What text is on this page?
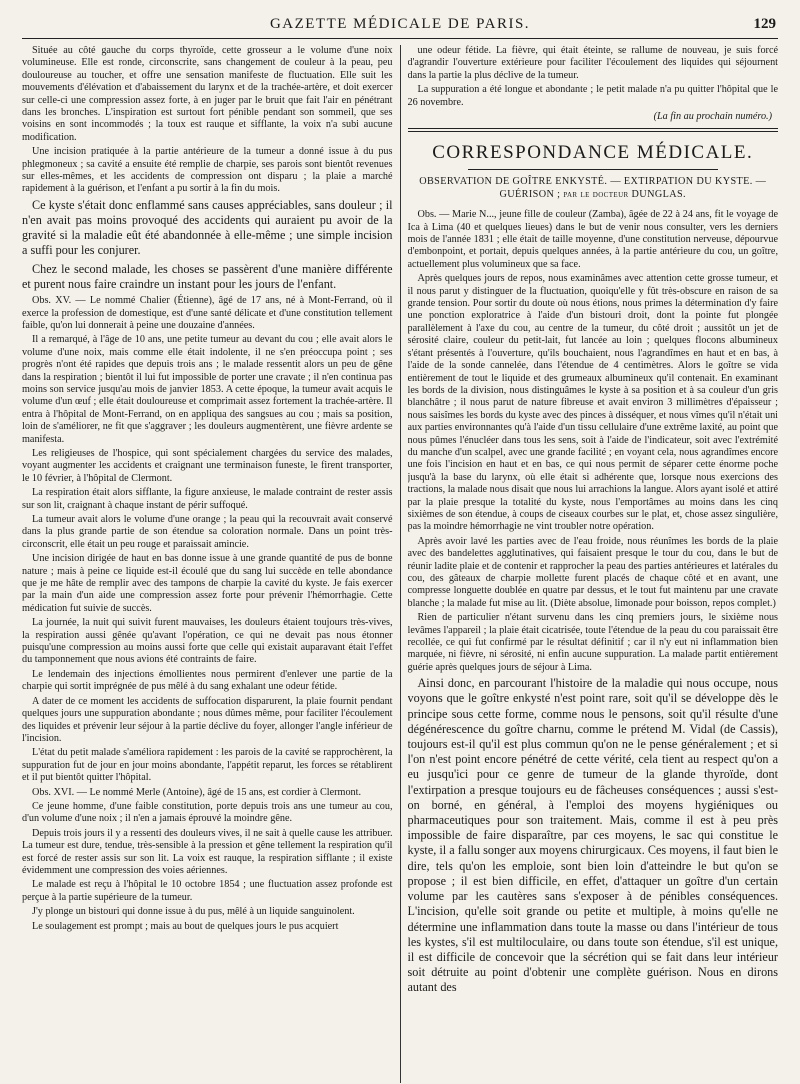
GAZETTE MÉDICALE DE PARIS.	129

Située au côté gauche du corps thyroïde, cette grosseur a le volume d'une noix volumineuse. Elle est ronde, circonscrite, sans changement de couleur à la peau, peu douloureuse au toucher, et offre une sensation manifeste de fluctuation. Elle suit les mouvements d'élévation et d'abaissement du larynx et de la trachée-artère, et doit exercer sur celle-ci une compression assez forte, à en juger par le bruit que fait l'air en pénétrant dans les bronches. L'inspiration est surtout fort pénible pendant son sommeil, que ses voisins en sont incommodés ; la toux est rauque et sifflante, la voix n'a subi aucune modification.

Une incision pratiquée à la partie antérieure de la tumeur a donné issue à du pus phlegmoneux ; sa cavité a ensuite été remplie de charpie, ses parois sont bientôt revenues sur elles-mêmes, et les accidents de compression ont disparu ; la plaie a marché rapidement à la guérison, et l'enfant a pu sortir à la fin du mois.

Ce kyste s'était donc enflammé sans causes appréciables, sans douleur ; il n'en avait pas moins provoqué des accidents qui auraient pu avoir de la gravité si la maladie eût été abandonnée à elle-même ; une simple incision a suffi pour les conjurer.

Chez le second malade, les choses se passèrent d'une manière différente et purent nous faire craindre un instant pour les jours de l'enfant.

Obs. XV. — Le nommé Chalier (Étienne), âgé de 17 ans, né à Mont-Ferrand, où il exerce la profession de domestique, est d'une santé délicate et d'une constitution tellement faible, qu'on lui donnerait à peine une douzaine d'années.

Il a remarqué, à l'âge de 10 ans, une petite tumeur au devant du cou ; elle avait alors le volume d'une noix, mais comme elle était indolente, il ne s'en préoccupa point ; ses progrès n'ont été rapides que depuis trois ans ; le malade ressentit alors un peu de gêne dans la respiration ; bientôt il lui fut impossible de porter une cravate ; il n'en continua pas moins son service jusqu'au mois de janvier 1853. A cette époque, la tumeur avait acquis le volume d'un œuf ; elle était douloureuse et comprimait assez fortement la trachée-artère. Il entra à l'hôpital de Mont-Ferrand, on en appliqua des sangsues au cou ; mais sa position, loin de s'améliorer, ne fit que s'aggraver ; les douleurs augmentèrent, une fièvre ardente se manifesta.

Les religieuses de l'hospice, qui sont spécialement chargées du service des malades, voyant augmenter les accidents et craignant une terminaison funeste, le firent transporter, le 10 février, à l'hôpital de Clermont.

La respiration était alors sifflante, la figure anxieuse, le malade contraint de rester assis sur son lit, craignant à chaque instant de périr suffoqué.

La tumeur avait alors le volume d'une orange ; la peau qui la recouvrait avait conservé dans la plus grande partie de son étendue sa coloration normale. Dans un point très-circonscrit, elle était un peu rouge et paraissait amincie.

Une incision dirigée de haut en bas donne issue à une grande quantité de pus de bonne nature ; mais à peine ce liquide est-il écoulé que du sang lui succède en telle abondance que je me hâte de remplir avec des tampons de charpie la cavité du kyste. Je fais exercer par la main d'un aide une compression assez forte pour prévenir l'hémorrhagie. Cette médication fut suivie de succès.

La journée, la nuit qui suivit furent mauvaises, les douleurs étaient toujours très-vives, la respiration aussi gênée qu'avant l'opération, ce qui ne devait pas nous étonner puisqu'une compression au moins aussi forte que celle qui existait auparavant était l'effet du tamponnement que nous avions été contraints de faire.

Le lendemain des injections émollientes nous permirent d'enlever une partie de la charpie qui sortit imprégnée de pus mêlé à du sang exhalant une odeur fétide.

A dater de ce moment les accidents de suffocation disparurent, la plaie fournit pendant quelques jours une suppuration abondante ; nous dûmes même, pour faciliter l'écoulement des liquides et prévenir leur séjour à la partie déclive du foyer, allonger l'angle inférieur de l'incision.

L'état du petit malade s'améliora rapidement : les parois de la cavité se rapprochèrent, la suppuration fut de jour en jour moins abondante, l'appétit reparut, les forces se rétablirent et il put bientôt quitter l'hôpital.

Obs. XVI. — Le nommé Merle (Antoine), âgé de 15 ans, est cordier à Clermont.

Ce jeune homme, d'une faible constitution, porte depuis trois ans une tumeur au cou, d'un volume d'une noix ; il n'en a jamais éprouvé la moindre gêne.

Depuis trois jours il y a ressenti des douleurs vives, il ne sait à quelle cause les attribuer. La tumeur est dure, tendue, très-sensible à la pression et gêne tellement la respiration qu'il est forcé de rester assis sur son lit. La voix est rauque, la respiration sifflante ; il existe évidemment une compression des voies aériennes.

Le malade est reçu à l'hôpital le 10 octobre 1854 ; une fluctuation assez profonde est perçue à la partie supérieure de la tumeur.

J'y plonge un bistouri qui donne issue à du pus, mêlé à un liquide sanguinolent.

Le soulagement est prompt ; mais au bout de quelques jours le pus acquiert

une odeur fétide. La fièvre, qui était éteinte, se rallume de nouveau, je suis forcé d'agrandir l'ouverture extérieure pour faciliter l'écoulement des liquides qui séjournent dans la partie la plus déclive de la tumeur.

La suppuration a été longue et abondante ; le petit malade n'a pu quitter l'hôpital que le 26 novembre.

(La fin au prochain numéro.)
CORRESPONDANCE MÉDICALE.
OBSERVATION DE GOÎTRE ENKYSTÉ. — EXTIRPATION DU KYSTE. —
GUÉRISON ; par le docteur DUNGLAS.

Obs. — Marie N..., jeune fille de couleur (Zamba), âgée de 22 à 24 ans, fit le voyage de Ica à Lima (40 et quelques lieues) dans le but de venir nous consulter, vers les derniers mois de l'année 1831 ; elle était de taille moyenne, d'une constitution nerveuse, dépourvue d'embonpoint, et portait, depuis quelques années, à la partie antérieure du cou, un goître, actuellement plus volumineux que sa face.

Après quelques jours de repos, nous examinâmes avec attention cette grosse tumeur, et il nous parut y distinguer de la fluctuation, quoiqu'elle y fût très-obscure en raison de sa grande tension. Pour sortir du doute où nous étions, nous primes la détermination d'y faire une ponction exploratrice à l'aide d'un bistouri droit, dont la pointe fut plongée parallèlement à l'axe du cou, au centre de la tumeur, du côté droit ; aussitôt un jet de sérosité claire, couleur du petit-lait, fut lancée au loin ; quelques flocons albumineux s'étant présentés à l'ouverture, qu'ils bouchaient, nous l'agrandîmes en haut et en bas, à l'aide de la sonde cannelée, dans l'étendue de 4 centimètres. Alors le goître se vida entièrement de tout le liquide et des grumeaux albumineux qu'il contenait. En examinant les bords de la division, nous distinguâmes le kyste à sa position et à sa couleur d'un gris blanchâtre ; il nous parut de nature fibreuse et avait environ 3 millimètres d'épaisseur ; nous saisîmes les bords du kyste avec des pinces à disséquer, et nous vîmes qu'il n'était uni aux parties environnantes qu'à l'aide d'un tissu cellulaire d'une extrême laxité, au point que nous pûmes l'énucléer dans tous les sens, soit à l'aide de l'indicateur, soit avec l'extrémité du manche d'un scalpel, avec une grande facilité ; en voyant cela, nous agrandîmes encore une fois l'incision en haut et en bas, ce qui nous permit de séparer cette énorme poche jusqu'à la base du larynx, où elle était si adhérente que, lorsque nous exercions des tractions, la malade nous disait que nous lui arrachions la langue. Alors ayant isolé et attiré par la plaie presque la totalité du kyste, nous l'emportâmes au moins dans les cinq sixièmes de son étendue, à coups de ciseaux courbes sur le plat, et, chose assez singulière, pas la moindre hémorrhagie ne vint troubler notre opération.

Après avoir lavé les parties avec de l'eau froide, nous réunîmes les bords de la plaie avec des bandelettes agglutinatives, qui faisaient presque le tour du cou, dans le but de réunir ladite plaie et de contenir et rapprocher la peau des parties antérieures et latérales du cou, des gâteaux de charpie mollette furent placés de chaque côté et en avant, une compresse longuette doublée en quatre par dessus, et le tout fut maintenu par une cravate blanche ; la malade fut mise au lit. (Diète absolue, limonade pour boisson, repos complet.)

Rien de particulier n'étant survenu dans les cinq premiers jours, le sixième nous levâmes l'appareil ; la plaie était cicatrisée, toute l'étendue de la peau du cou paraissait être recollée, ce qui fut confirmé par le résultat définitif ; car il n'y eut ni inflammation bien marquée, ni fièvre, ni sérosité, ni enfin aucune suppuration. La malade partit entièrement guérie après quelques jours de séjour à Lima.

Ainsi donc, en parcourant l'histoire de la maladie qui nous occupe, nous voyons que le goître enkysté n'est point rare, soit qu'il se développe dès le principe sous cette forme, comme nous le pensons, soit qu'il résulte d'une dégénérescence du goître charnu, comme le prétend M. Vidal (de Cassis), toujours est-il qu'il est plus commun qu'on ne le pense généralement ; et si l'on n'est point encore pénétré de cette vérité, cela tient au respect qu'on a eu jusqu'ici pour ce genre de tumeur de la glande thyroïde, dont l'extirpation a presque toujours eu de fâcheuses conséquences ; aussi s'est-on borné, en général, à l'emploi des moyens hygiéniques ou pharmaceutiques pour son traitement. Mais, comme il est à peu près impossible de faire disparaître, par ces moyens, le sac qui constitue le kyste, il a fallu songer aux moyens chirurgicaux. Ces moyens, il faut bien le dire, tels qu'on les emploie, sont bien loin d'atteindre le but qu'on se propose ; il est bien difficile, en effet, d'attaquer un goître d'un certain volume par les cautères sans s'exposer à de pénibles conséquences. L'incision, qu'elle soit grande ou petite et multiple, à moins qu'elle ne détermine une inflammation dans toute la masse ou dans l'intérieur de tous les kystes, s'il est multiloculaire, ou dans toute son étendue, s'il est unique, il est difficile de concevoir que la sécrétion qui se fait dans leur intérieur soit détruite au point d'obtenir une complète guérison. Nous en dirons autant des
